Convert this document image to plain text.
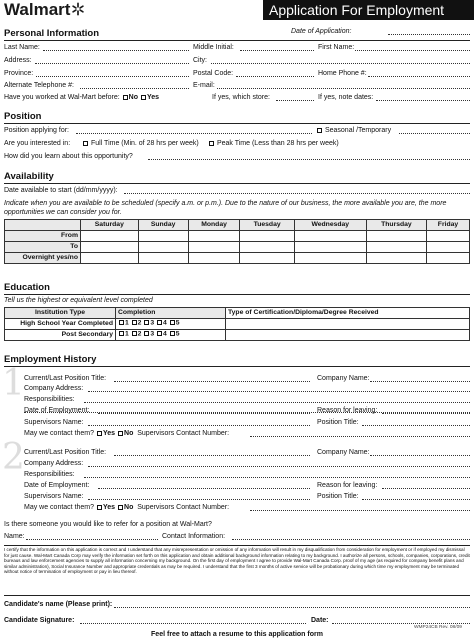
Walmart	Application For Employment
Personal Information	Date of Application:
Last Name:	Middle Initial:	First Name:
Address:	City:
Province:	Postal Code:	Home Phone #:
Alternate Telephone #:	E-mail:
Have you worked at Wal-Mart before: No Yes	If yes, which store:	If yes, note dates:
Position
Position applying for:	Seasonal /Temporary
Are you interested in:	Full Time (Min. of 28 hrs per week)	Peak Time (Less than 28 hrs per week)
How did you learn about this opportunity?
Availability
Date available to start (dd/mm/yyyy):
Indicate when you are available to be scheduled (specify a.m. or p.m.). Due to the nature of our business, the more available you are, the more opportunities we can consider you for.
	Saturday	Sunday	Monday	Tuesday	Wednesday	Thursday	Friday
From							
To							
Overnight yes/no							
Education
Tell us the highest or equivalent level completed
Institution Type	Completion	Type of Certification/Diploma/Degree Received
High School Year Completed	1 2 3 4 5	
Post Secondary	1 2 3 4 5	
Employment History
1 Current/Last Position Title:	Company Name:
Company Address:
Responsibilities:
Date of Employment:	Reason for leaving:
Supervisors Name:	Position Title:
May we contact them? Yes No Supervisors Contact Number:
2 Current/Last Position Title:	Company Name:
Company Address:
Responsibilities:
Date of Employment:	Reason for leaving:
Supervisors Name:	Position Title:
May we contact them? Yes No Supervisors Contact Number:
Is there someone you would like to refer for a position at Wal-Mart?
Name:	Contact Information:
I certify that the information on this application is correct and I understand that any misrepresentation or omission of any information will result in my disqualification from consideration for employment or if employed my dismissal for just cause. Wal-Mart Canada Corp may verify the information set forth on this application and obtain additional background information relating to my background. I authorize all persons, schools, companies, corporations, credit bureaus and law enforcement agencies to supply all information concerning my background. On the first day of employment I agree to provide Wal-Mart Canada Corp. proof of my age (as required for company benefit plans and similar administration), Social Insurance Number and appropriate credentials as may be required. I understand that the first 3 months of active service will be probationary during which time my employment may be terminated without notice of termination of employment or pay in lieu thereof.
Candidate's name (Please print):
Candidate Signature:	Date:
WMP24CB Rev. 08/09
Feel free to attach a resume to this application form
